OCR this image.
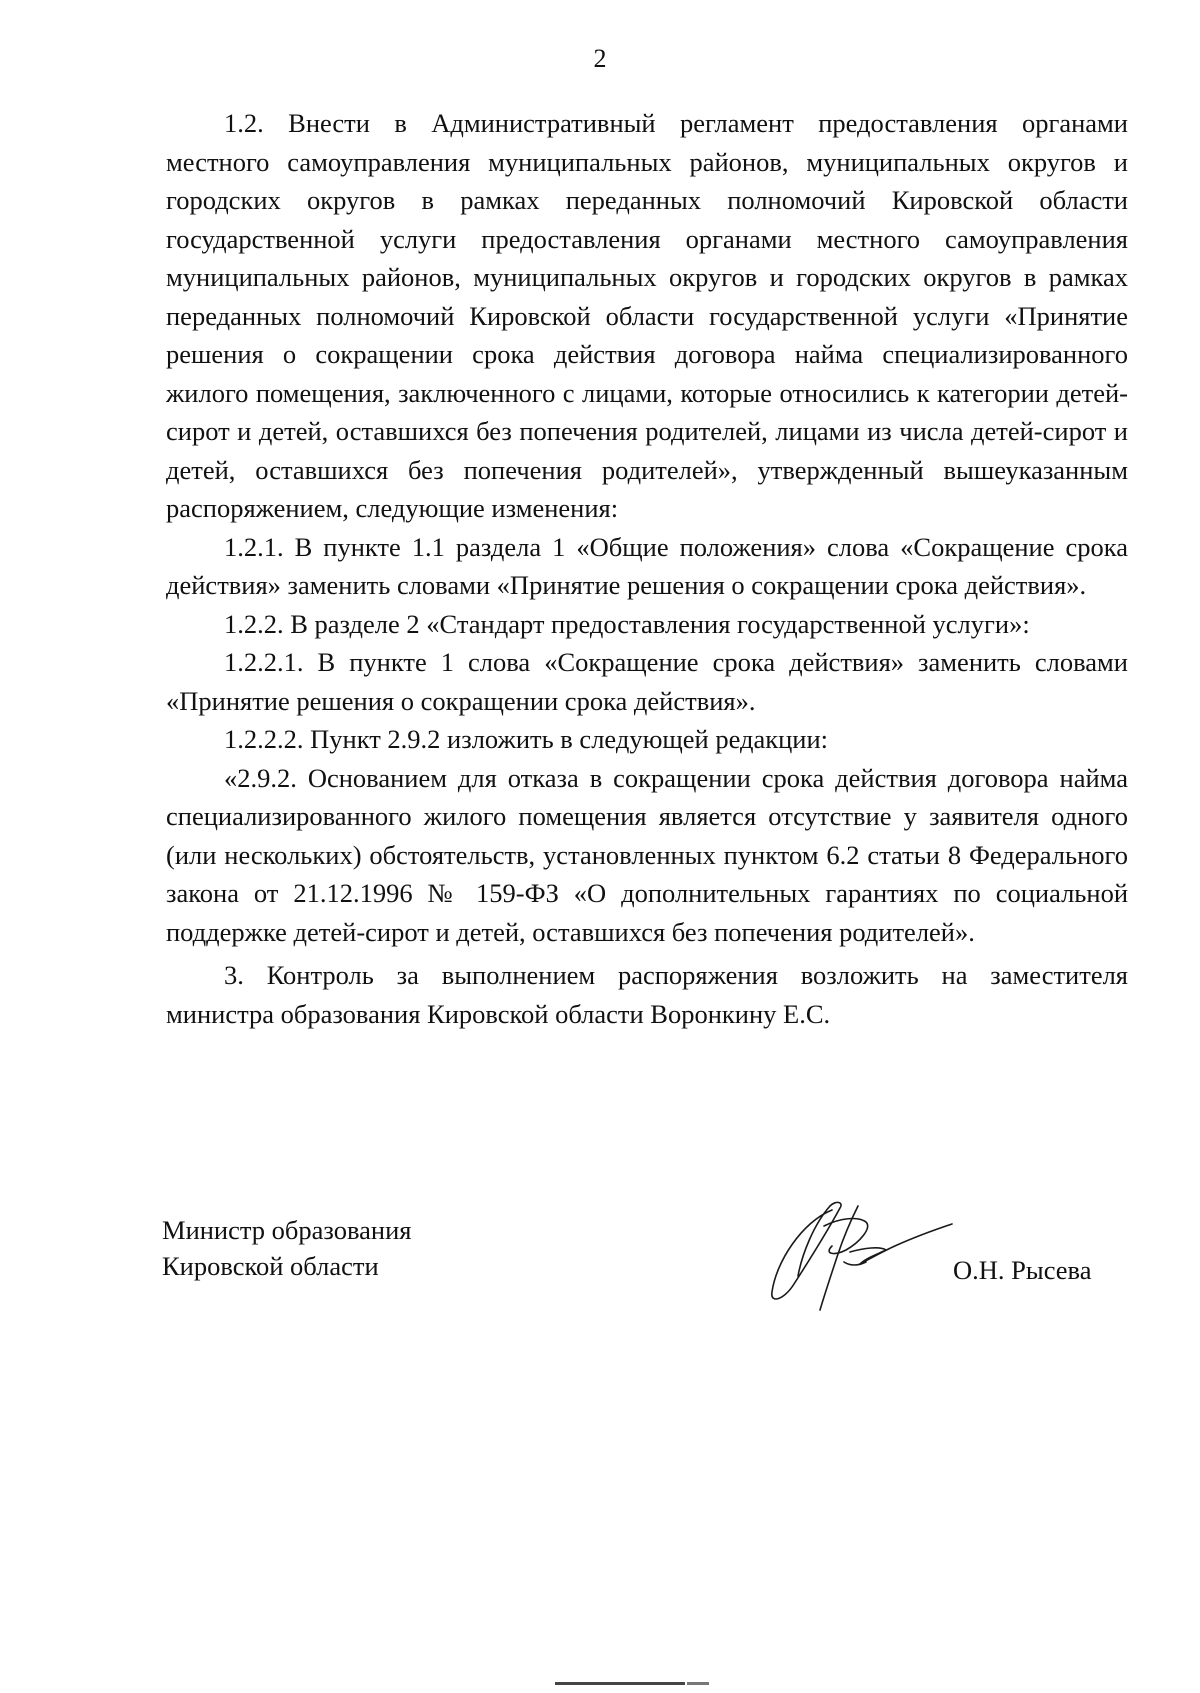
2

1.2. Внести в Административный регламент предоставления органами местного самоуправления муниципальных районов, муниципальных округов и городских округов в рамках переданных полномочий Кировской области государственной услуги предоставления органами местного самоуправления муниципальных районов, муниципальных округов и городских округов в рамках переданных полномочий Кировской области государственной услуги «Принятие решения о сокращении срока действия договора найма специализированного жилого помещения, заключенного с лицами, которые относились к категории детей-сирот и детей, оставшихся без попечения родителей, лицами из числа детей-сирот и детей, оставшихся без попечения родителей», утвержденный вышеуказанным распоряжением, следующие изменения:

1.2.1. В пункте 1.1 раздела 1 «Общие положения» слова «Сокращение срока действия» заменить словами «Принятие решения о сокращении срока действия».

1.2.2. В разделе 2 «Стандарт предоставления государственной услуги»:

1.2.2.1. В пункте 1 слова «Сокращение срока действия» заменить словами «Принятие решения о сокращении срока действия».

1.2.2.2. Пункт 2.9.2 изложить в следующей редакции:

«2.9.2. Основанием для отказа в сокращении срока действия договора найма специализированного жилого помещения является отсутствие у заявителя одного (или нескольких) обстоятельств, установленных пунктом 6.2 статьи 8 Федерального закона от 21.12.1996 № 159-ФЗ «О дополнительных гарантиях по социальной поддержке детей-сирот и детей, оставшихся без попечения родителей».

3. Контроль за выполнением распоряжения возложить на заместителя министра образования Кировской области Воронкину Е.С.

Министр образования
Кировской области	О.Н. Рысева
